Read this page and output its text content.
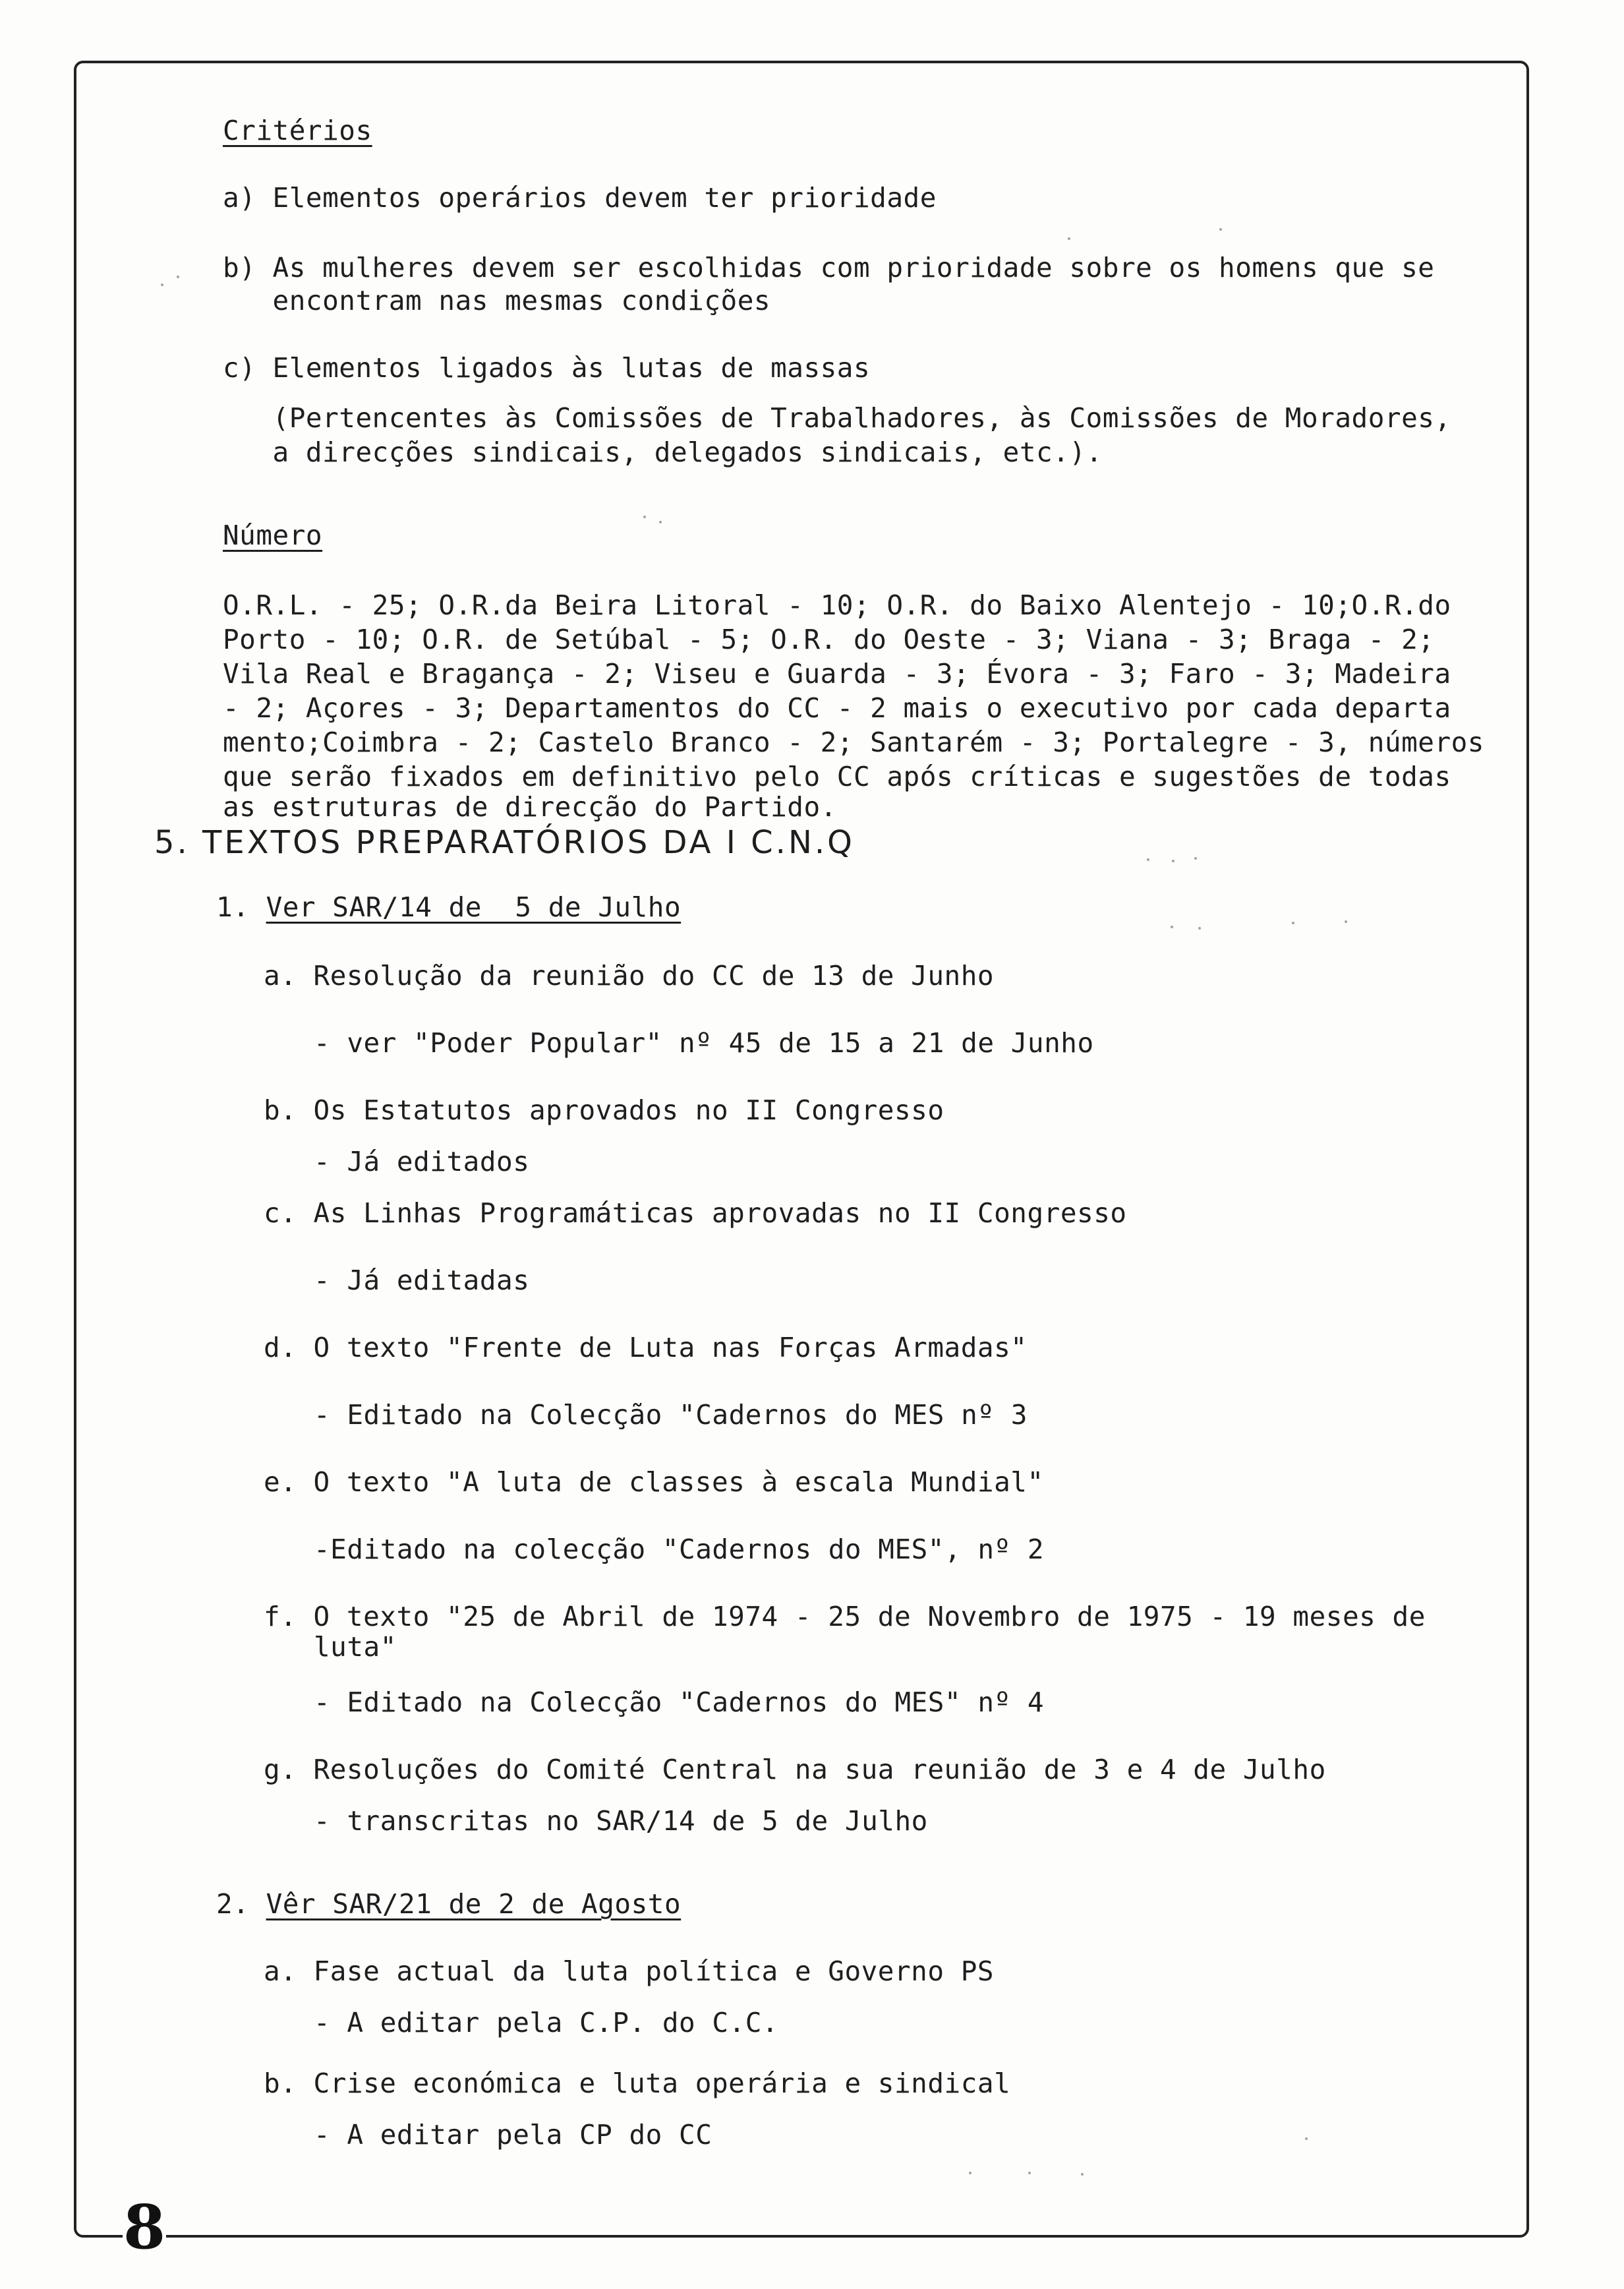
Critérios
a) Elementos operários devem ter prioridade
b) As mulheres devem ser escolhidas com prioridade sobre os homens que se
encontram nas mesmas condições
c) Elementos ligados às lutas de massas
(Pertencentes às Comissões de Trabalhadores, às Comissões de Moradores,
a direcções sindicais, delegados sindicais, etc.).
Número
O.R.L. - 25; O.R.da Beira Litoral - 10; O.R. do Baixo Alentejo - 10;O.R.do
Porto - 10; O.R. de Setúbal - 5; O.R. do Oeste - 3; Viana - 3; Braga - 2;
Vila Real e Bragança - 2; Viseu e Guarda - 3; Évora - 3; Faro - 3; Madeira
- 2; Açores - 3; Departamentos do CC - 2 mais o executivo por cada departa
mento;Coimbra - 2; Castelo Branco - 2; Santarém - 3; Portalegre - 3, números
que serão fixados em definitivo pelo CC após críticas e sugestões de todas
as estruturas de direcção do Partido.
5. TEXTOS PREPARATÓRIOS DA I C.N.Q
1. Ver SAR/14 de  5 de Julho
a. Resolução da reunião do CC de 13 de Junho
- ver "Poder Popular" nº 45 de 15 a 21 de Junho
b. Os Estatutos aprovados no II Congresso
- Já editados
c. As Linhas Programáticas aprovadas no II Congresso
- Já editadas
d. O texto "Frente de Luta nas Forças Armadas"
- Editado na Colecção "Cadernos do MES nº 3
e. O texto "A luta de classes à escala Mundial"
-Editado na colecção "Cadernos do MES", nº 2
f. O texto "25 de Abril de 1974 - 25 de Novembro de 1975 - 19 meses de
luta"
- Editado na Colecção "Cadernos do MES" nº 4
g. Resoluções do Comité Central na sua reunião de 3 e 4 de Julho
- transcritas no SAR/14 de 5 de Julho
2. Vêr SAR/21 de 2 de Agosto
a. Fase actual da luta política e Governo PS
- A editar pela C.P. do C.C.
b. Crise económica e luta operária e sindical
- A editar pela CP do CC
8
